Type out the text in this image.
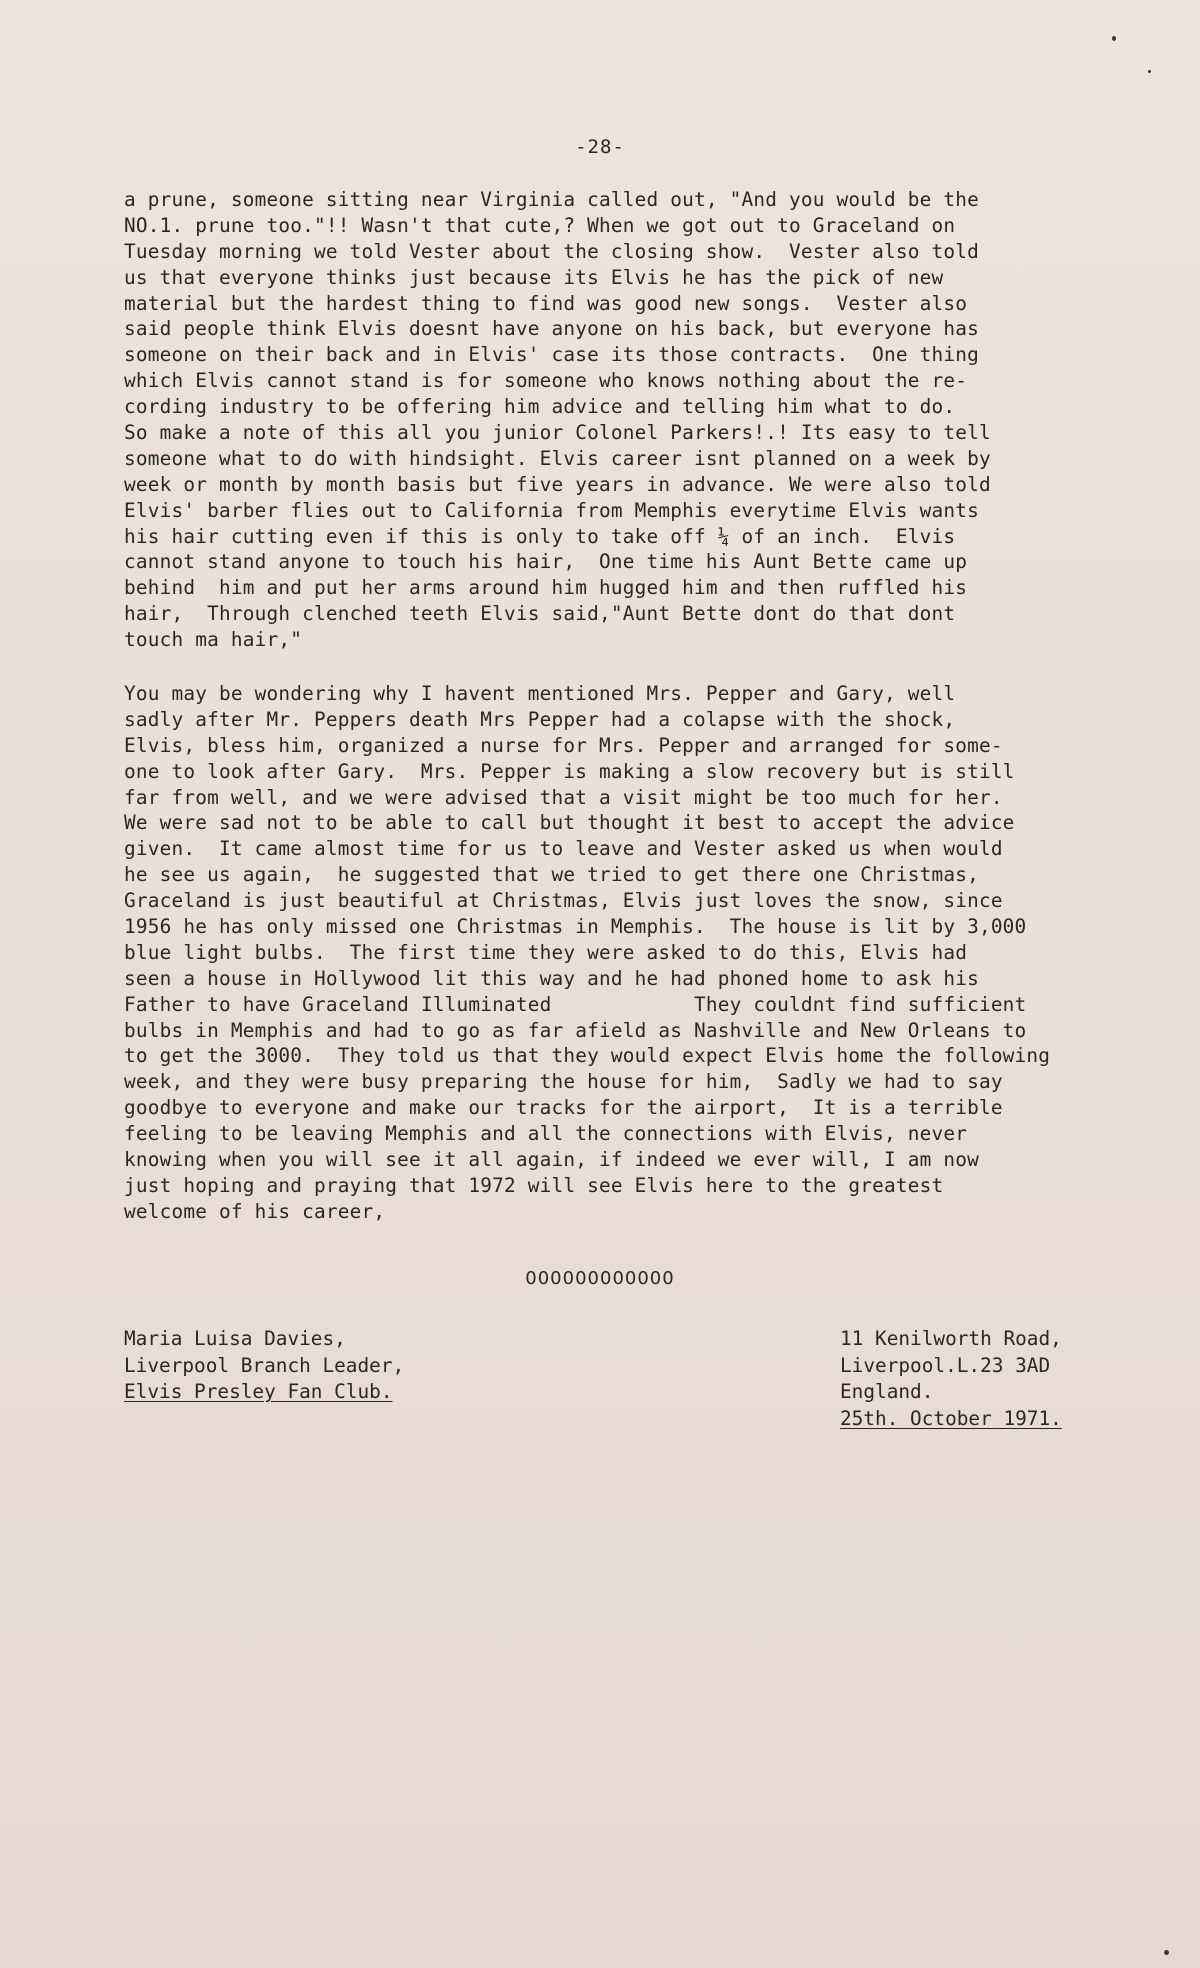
-28-
a prune, someone sitting near Virginia called out, "And you would be the
NO.1. prune too."!! Wasn't that cute,? When we got out to Graceland on
Tuesday morning we told Vester about the closing show.  Vester also told
us that everyone thinks just because its Elvis he has the pick of new
material but the hardest thing to find was good new songs.  Vester also
said people think Elvis doesnt have anyone on his back, but everyone has
someone on their back and in Elvis' case its those contracts.  One thing
which Elvis cannot stand is for someone who knows nothing about the re-
cording industry to be offering him advice and telling him what to do.
So make a note of this all you junior Colonel Parkers!.! Its easy to tell
someone what to do with hindsight. Elvis career isnt planned on a week by
week or month by month basis but five years in advance. We were also told
Elvis' barber flies out to California from Memphis everytime Elvis wants
his hair cutting even if this is only to take off ¼ of an inch.  Elvis
cannot stand anyone to touch his hair,  One time his Aunt Bette came up
behind  him and put her arms around him hugged him and then ruffled his
hair,  Through clenched teeth Elvis said,"Aunt Bette dont do that dont
touch ma hair,"
You may be wondering why I havent mentioned Mrs. Pepper and Gary, well
sadly after Mr. Peppers death Mrs Pepper had a colapse with the shock,
Elvis, bless him, organized a nurse for Mrs. Pepper and arranged for some-
one to look after Gary.  Mrs. Pepper is making a slow recovery but is still
far from well, and we were advised that a visit might be too much for her.
We were sad not to be able to call but thought it best to accept the advice
given.  It came almost time for us to leave and Vester asked us when would
he see us again,  he suggested that we tried to get there one Christmas,
Graceland is just beautiful at Christmas, Elvis just loves the snow, since
1956 he has only missed one Christmas in Memphis.  The house is lit by 3,000
blue light bulbs.  The first time they were asked to do this, Elvis had
seen a house in Hollywood lit this way and he had phoned home to ask his
Father to have Graceland Illuminated            They couldnt find sufficient
bulbs in Memphis and had to go as far afield as Nashville and New Orleans to
to get the 3000.  They told us that they would expect Elvis home the following
week, and they were busy preparing the house for him,  Sadly we had to say
goodbye to everyone and make our tracks for the airport,  It is a terrible
feeling to be leaving Memphis and all the connections with Elvis, never
knowing when you will see it all again, if indeed we ever will, I am now
just hoping and praying that 1972 will see Elvis here to the greatest
welcome of his career,
000000000000
Maria Luisa Davies,
Liverpool Branch Leader,
Elvis Presley Fan Club.
11 Kenilworth Road,
Liverpool.L.23 3AD
England.
25th. October 1971.
